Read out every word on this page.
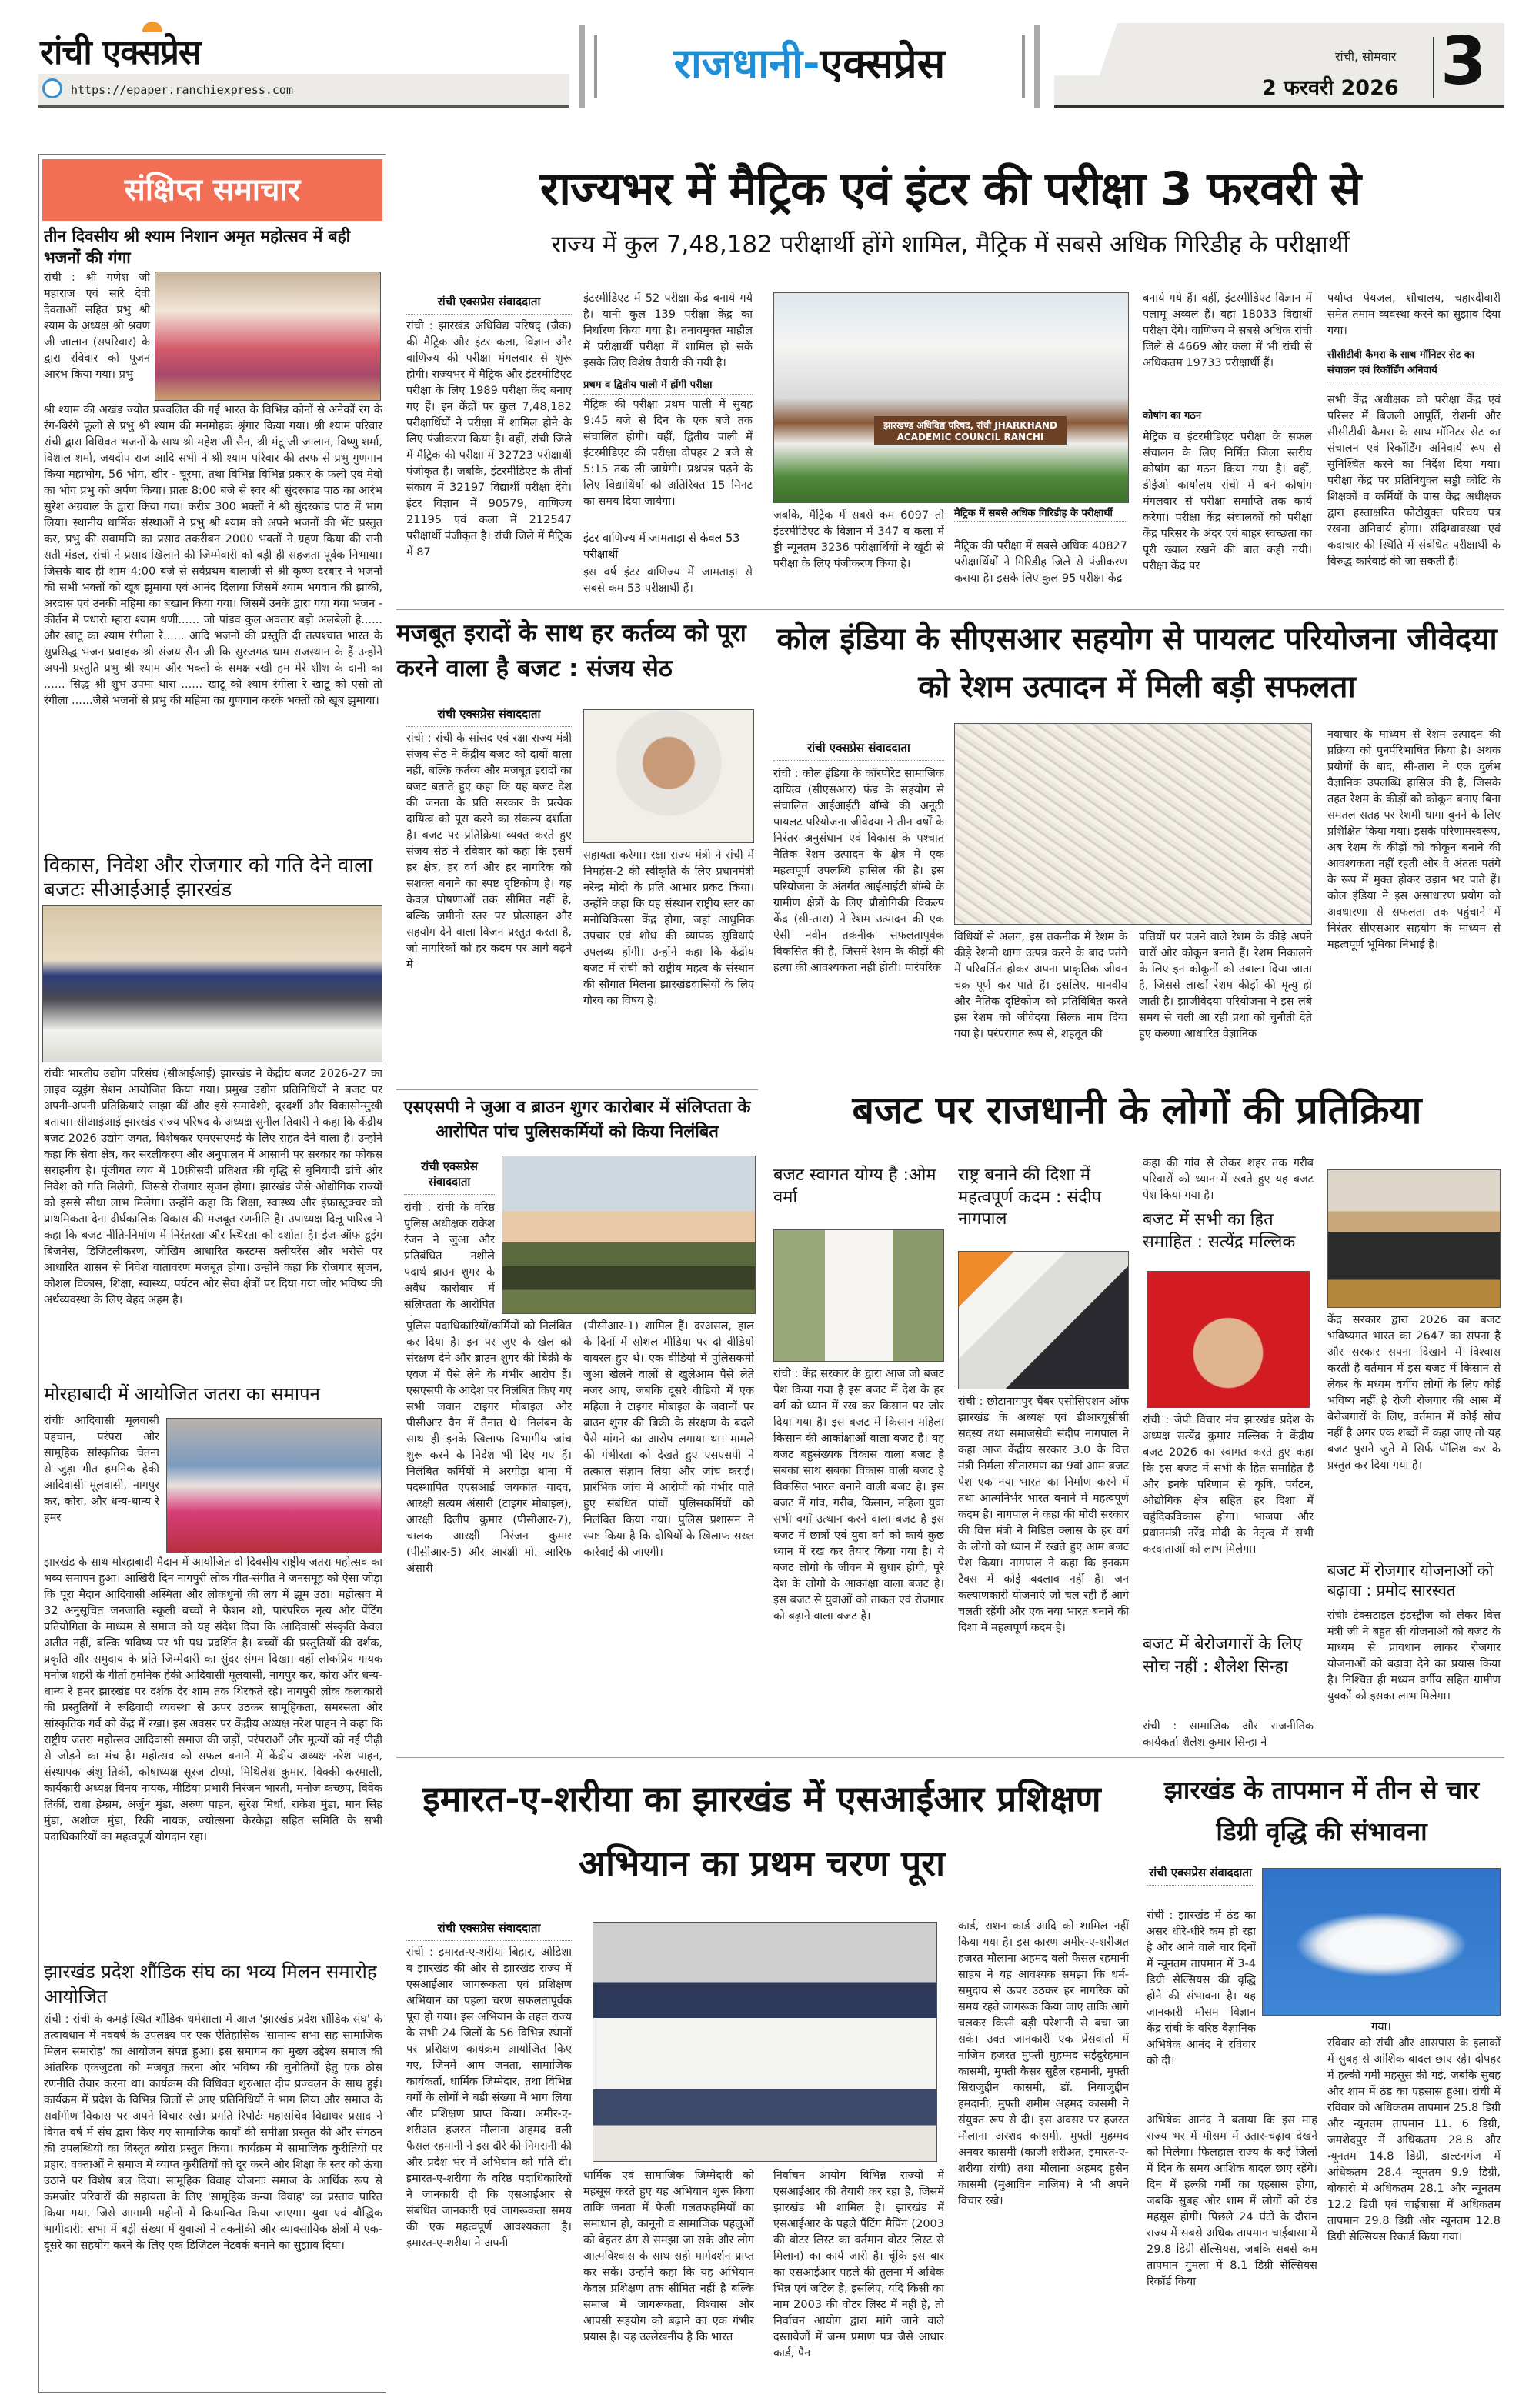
रांची एक्सप्रेस
https://epaper.ranchiexpress.com
राजधानी-एक्सप्रेस	रांची, सोमवार
2 फरवरी 2026 3
संक्षिप्त समाचार
तीन दिवसीय श्री श्याम निशान अमृत महोत्सव में बही भजनों की गंगा
रांची : श्री गणेश जी महाराज एवं सारे देवी देवताओं सहित प्रभु श्री श्याम के अध्यक्ष श्री श्रवण जी जालान (सपरिवार) के द्वारा रविवार को पूजन आरंभ किया गया। प्रभु
श्री श्याम की अखंड ज्योत प्रज्वलित की गई भारत के विभिन्न कोनों से अनेकों रंग के रंग-बिरंगे फूलों से प्रभु श्री श्याम की मनमोहक श्रृंगार किया गया। श्री श्याम परिवार रांची द्वारा विधिवत भजनों के साथ श्री महेश जी सैन, श्री मंटू जी जालान, विष्णु शर्मा, विशाल शर्मा, जयदीप राज आदि सभी ने श्री श्याम परिवार की तरफ से प्रभु गुणगान किया महाभोग, 56 भोग, खीर - चूरमा, तथा विभिन्न विभिन्न प्रकार के फलों एवं मेवों का भोग प्रभु को अर्पण किया। प्रातः 8:00 बजे से स्वर श्री सुंदरकांड पाठ का आरंभ सुरेश अग्रवाल के द्वारा किया गया। करीब 300 भक्तों ने श्री सुंदरकांड पाठ में भाग लिया। स्थानीय धार्मिक संस्थाओं ने प्रभु श्री श्याम को अपने भजनों की भेंट प्रस्तुत कर, प्रभु की सवामणि का प्रसाद तकरीबन 2000 भक्तों ने ग्रहण किया की रानी सती मंडल, रांची ने प्रसाद खिलाने की जिम्मेवारी को बड़ी ही सहजता पूर्वक निभाया। जिसके बाद ही शाम 4:00 बजे से सर्वप्रथम बालाजी से श्री कृष्ण दरबार ने भजनों की सभी भक्तों को खूब झुमाया एवं आनंद दिलाया जिसमें श्याम भगवान की झांकी, अरदास एवं उनकी महिमा का बखान किया गया। जिसमें उनके द्वारा गया गया भजन - कीर्तन में पधारो म्हारा श्याम धणी...... जो पांडव कुल अवतार बड़ो अलबेलो है...... और खाटू का श्याम रंगीला रे...... आदि भजनों की प्रस्तुति दी तत्पश्चात भारत के सुप्रसिद्ध भजन प्रवाहक श्री संजय सैन जी कि सुरजगढ़ धाम राजस्थान के हैं उन्होंने अपनी प्रस्तुति प्रभु श्री श्याम और भक्तों के समक्ष रखी हम मेरे शीश के दानी का ...... सिद्ध श्री शुभ उपमा थारा ...... खाटू को श्याम रंगीला रे खाटू को एसो तो रंगीला ......जैसे भजनों से प्रभु की महिमा का गुणगान करके भक्तों को खूब झुमाया।
विकास, निवेश और रोजगार को गति देने वाला बजटः सीआईआई झारखंड
रांचीः भारतीय उद्योग परिसंघ (सीआईआई) झारखंड ने केंद्रीय बजट 2026-27 का लाइव व्यूइंग सेशन आयोजित किया गया। प्रमुख उद्योग प्रतिनिधियों ने बजट पर अपनी-अपनी प्रतिक्रियाएं साझा कीं और इसे समावेशी, दूरदर्शी और विकासोन्मुखी बताया। सीआईआई झारखंड राज्य परिषद के अध्यक्ष सुनील तिवारी ने कहा कि केंद्रीय बजट 2026 उद्योग जगत, विशेषकर एमएसएमई के लिए राहत देने वाला है। उन्होंने कहा कि सेवा क्षेत्र, कर सरलीकरण और अनुपालन में आसानी पर सरकार का फोकस सराहनीय है। पूंजीगत व्यय में 10फ़ीसदी प्रतिशत की वृद्धि से बुनियादी ढांचे और निवेश को गति मिलेगी, जिससे रोजगार सृजन होगा। झारखंड जैसे औद्योगिक राज्यों को इससे सीधा लाभ मिलेगा। उन्होंने कहा कि शिक्षा, स्वास्थ्य और इंफ्रास्ट्रक्चर को प्राथमिकता देना दीर्घकालिक विकास की मजबूत रणनीति है। उपाध्यक्ष दिलू पारिख ने कहा कि बजट नीति-निर्माण में निरंतरता और स्थिरता को दर्शाता है। ईज ऑफ डूइंग बिजनेस, डिजिटलीकरण, जोखिम आधारित कस्टम्स क्लीयरेंस और भरोसे पर आधारित शासन से निवेश वातावरण मजबूत होगा। उन्होंने कहा कि रोजगार सृजन, कौशल विकास, शिक्षा, स्वास्थ्य, पर्यटन और सेवा क्षेत्रों पर दिया गया जोर भविष्य की अर्थव्यवस्था के लिए बेहद अहम है।
मोरहाबादी में आयोजित जतरा का समापन
रांचीः आदिवासी मूलवासी पहचान, परंपरा और सामूहिक सांस्कृतिक चेतना से जुड़ा गीत हमनिक हेकी आदिवासी मूलवासी, नागपुर कर, कोरा, और धन्य-धान्य रे हमर
झारखंड के साथ मोरहाबादी मैदान में आयोजित दो दिवसीय राष्ट्रीय जतरा महोत्सव का भव्य समापन हुआ। आखिरी दिन नागपुरी लोक गीत-संगीत ने जनसमूह को ऐसा जोड़ा कि पूरा मैदान आदिवासी अस्मिता और लोकधुनों की लय में झूम उठा। महोत्सव में 32 अनुसूचित जनजाति स्कूली बच्चों ने फैशन शो, पारंपरिक नृत्य और पेंटिंग प्रतियोगिता के माध्यम से समाज को यह संदेश दिया कि आदिवासी संस्कृति केवल अतीत नहीं, बल्कि भविष्य पर भी पथ प्रदर्शित है। बच्चों की प्रस्तुतियों की दर्शक, प्रकृति और समुदाय के प्रति जिम्मेदारी का सुंदर संगम दिखा। वहीं लोकप्रिय गायक मनोज शहरी के गीतों हमनिक हेकी आदिवासी मूलवासी, नागपुर कर, कोरा और धन्य-धान्य रे हमर झारखंड पर दर्शक देर शाम तक थिरकते रहे। नागपुरी लोक कलाकारों की प्रस्तुतियों ने रूढ़िवादी व्यवस्था से ऊपर उठकर सामूहिकता, समरसता और सांस्कृतिक गर्व को केंद्र में रखा। इस अवसर पर केंद्रीय अध्यक्ष नरेश पाहन ने कहा कि राष्ट्रीय जतरा महोत्सव आदिवासी समाज की जड़ों, परंपराओं और मूल्यों को नई पीढ़ी से जोड़ने का मंच है। महोत्सव को सफल बनाने में केंद्रीय अध्यक्ष नरेश पाहन, संस्थापक अंशु तिर्की, कोषाध्यक्ष सूरज टोप्पो, मिथिलेश कुमार, विक्की करमाली, कार्यकारी अध्यक्ष विनय नायक, मीडिया प्रभारी निरंजन भारती, मनोज कच्छप, विवेक तिर्की, राधा हेम्ब्रम, अर्जुन मुंडा, अरुण पाहन, सुरेश मिर्धा, राकेश मुंडा, मान सिंह मुंडा, अशोक मुंडा, रिकी नायक, ज्योत्सना केरकेट्टा सहित समिति के सभी पदाधिकारियों का महत्वपूर्ण योगदान रहा।
झारखंड प्रदेश शौंडिक संघ का भव्य मिलन समारोह आयोजित
रांची : रांची के कमड़े स्थित शौंडिक धर्मशाला में आज 'झारखंड प्रदेश शौंडिक संघ' के तत्वावधान में नववर्ष के उपलक्ष्य पर एक ऐतिहासिक 'सामान्य सभा सह सामाजिक मिलन समारोह' का आयोजन संपन्न हुआ। इस समागम का मुख्य उद्देश्य समाज की आंतरिक एकजुटता को मजबूत करना और भविष्य की चुनौतियों हेतु एक ठोस रणनीति तैयार करना था। कार्यक्रम की विधिवत शुरुआत दीप प्रज्वलन के साथ हुई। कार्यक्रम में प्रदेश के विभिन्न जिलों से आए प्रतिनिधियों ने भाग लिया और समाज के सर्वांगीण विकास पर अपने विचार रखे। प्रगति रिपोर्टः महासचिव विद्याधर प्रसाद ने विगत वर्ष में संघ द्वारा किए गए सामाजिक कार्यों की समीक्षा प्रस्तुत की और संगठन की उपलब्धियों का विस्तृत ब्योरा प्रस्तुत किया। कार्यक्रम में सामाजिक कुरीतियों पर प्रहार: वक्ताओं ने समाज में व्याप्त कुरीतियों को दूर करने और शिक्षा के स्तर को ऊंचा उठाने पर विशेष बल दिया। सामूहिक विवाह योजनाः समाज के आर्थिक रूप से कमजोर परिवारों की सहायता के लिए 'सामूहिक कन्या विवाह' का प्रस्ताव पारित किया गया, जिसे आगामी महीनों में क्रियान्वित किया जाएगा। युवा एवं बौद्धिक भागीदारी: सभा में बड़ी संख्या में युवाओं ने तकनीकी और व्यावसायिक क्षेत्रों में एक-दूसरे का सहयोग करने के लिए एक डिजिटल नेटवर्क बनाने का सुझाव दिया।
राज्यभर में मैट्रिक एवं इंटर की परीक्षा 3 फरवरी से
राज्य में कुल 7,48,182 परीक्षार्थी होंगे शामिल, मैट्रिक में सबसे अधिक गिरिडीह के परीक्षार्थी
रांची एक्सप्रेस संवाददाता
रांची : झारखंड अधिविद्य परिषद् (जैक) की मैट्रिक और इंटर कला, विज्ञान और वाणिज्य की परीक्षा मंगलवार से शुरू होगी। राज्यभर में मैट्रिक और इंटरमीडिएट परीक्षा के लिए 1989 परीक्षा केंद बनाए गए हैं। इन केंद्रों पर कुल 7,48,182 परीक्षार्थियों ने परीक्षा में शामिल होने के लिए पंजीकरण किया है। वहीं, रांची जिले में मैट्रिक की परीक्षा में 32723 परीक्षार्थी पंजीकृत है। जबकि, इंटरमीडिएट के तीनों संकाय में 32197 विद्यार्थी परीक्षा देंगे। इंटर विज्ञान में 90579, वाणिज्य 21195 एवं कला में 212547 परीक्षार्थी पंजीकृत है। रांची जिले में मैट्रिक में 87
इंटरमीडिएट में 52 परीक्षा केंद्र बनाये गये है। यानी कुल 139 परीक्षा केंद्र का निर्धारण किया गया है। तनावमुक्त माहौल में परीक्षार्थी परीक्षा में शामिल हो सकें इसके लिए विशेष तैयारी की गयी है।
प्रथम व द्वितीय पाली में होंगी परीक्षा
मैट्रिक की परीक्षा प्रथम पाली में सुबह 9:45 बजे से दिन के एक बजे तक संचालित होगी। वहीं, द्वितीय पाली में इंटरमीडिएट की परीक्षा दोपहर 2 बजे से 5:15 तक ली जायेगी। प्रश्नपत्र पढ़ने के लिए विद्यार्थियों को अतिरिक्त 15 मिनट का समय दिया जायेगा।
इंटर वाणिज्य में जामताड़ा से केवल 53 परीक्षार्थी
इस वर्ष इंटर वाणिज्य में जामताड़ा से सबसे कम 53 परीक्षार्थी हैं।
झारखण्ड अधिविद्य परिषद, रांची JHARKHAND ACADEMIC COUNCIL RANCHI
जबकि, मैट्रिक में सबसे कम 6097 तो इंटरमीडिएट के विज्ञान में 347 व कला में ड्डी न्यूनतम 3236 परीक्षार्थियों ने खूंटी से परीक्षा के लिए पंजीकरण किया है।
मैट्रिक में सबसे अधिक गिरिडीह के परीक्षार्थी
मैट्रिक की परीक्षा में सबसे अधिक 40827 परीक्षार्थियों ने गिरिडीह जिले से पंजीकरण कराया है। इसके लिए कुल 95 परीक्षा केंद्र
बनाये गये हैं। वहीं, इंटरमीडिएट विज्ञान में पलामू अव्वल हैं। वहां 18033 विद्यार्थी परीक्षा देंगे। वाणिज्य में सबसे अधिक रांची जिले से 4669 और कला में भी रांची से अधिकतम 19733 परीक्षार्थी हैं।
कोषांग का गठन
मैट्रिक व इंटरमीडिएट परीक्षा के सफल संचालन के लिए निर्मित जिला स्तरीय कोषांग का गठन किया गया है। वहीं, डीईओ कार्यालय रांची में बने कोषांग मंगलवार से परीक्षा समाप्ति तक कार्य करेगा। परीक्षा केंद्र संचालकों को परीक्षा केंद्र परिसर के अंदर एवं बाहर स्वच्छता का पूरी ख्याल रखने की बात कही गयी। परीक्षा केंद्र पर
पर्याप्त पेयजल, शौचालय, चहारदीवारी समेत तमाम व्यवस्था करने का सुझाव दिया गया।
सीसीटीवी कैमरा के साथ मॉनिटर सेट का संचालन एवं रिकॉर्डिंग अनिवार्य
सभी केंद्र अधीक्षक को परीक्षा केंद्र एवं परिसर में बिजली आपूर्ति, रोशनी और सीसीटीवी कैमरा के साथ मॉनिटर सेट का संचालन एवं रिकॉर्डिंग अनिवार्य रूप से सुनिश्चित करने का निर्देश दिया गया। परीक्षा केंद्र पर प्रतिनियुक्त सड्डी कोटि के शिक्षकों व कर्मियों के पास केंद्र अधीक्षक द्वारा हस्ताक्षरित फोटोयुक्त परिचय पत्र रखना अनिवार्य होगा। संदिग्धावस्था एवं कदाचार की स्थिति में संबंधित परीक्षार्थी के विरुद्ध कार्रवाई की जा सकती है।
मजबूत इरादों के साथ हर कर्तव्य को पूरा करने वाला है बजट : संजय सेठ
रांची एक्सप्रेस संवाददाता
रांची : रांची के सांसद एवं रक्षा राज्य मंत्री संजय सेठ ने केंद्रीय बजट को दावों वाला नहीं, बल्कि कर्तव्य और मजबूत इरादों का बजट बताते हुए कहा कि यह बजट देश की जनता के प्रति सरकार के प्रत्येक दायित्व को पूरा करने का संकल्प दर्शाता है। बजट पर प्रतिक्रिया व्यक्त करते हुए संजय सेठ ने रविवार को कहा कि इसमें हर क्षेत्र, हर वर्ग और हर नागरिक को सशक्त बनाने का स्पष्ट दृष्टिकोण है। यह केवल घोषणाओं तक सीमित नहीं है, बल्कि जमीनी स्तर पर प्रोत्साहन और सहयोग देने वाला विजन प्रस्तुत करता है, जो नागरिकों को हर कदम पर आगे बढ़ने में
सहायता करेगा। रक्षा राज्य मंत्री ने रांची में निमहंस-2 की स्वीकृति के लिए प्रधानमंत्री नरेन्द्र मोदी के प्रति आभार प्रकट किया। उन्होंने कहा कि यह संस्थान राष्ट्रीय स्तर का मनोचिकित्सा केंद्र होगा, जहां आधुनिक उपचार एवं शोध की व्यापक सुविधाएं उपलब्ध होंगी। उन्होंने कहा कि केंद्रीय बजट में रांची को राष्ट्रीय महत्व के संस्थान की सौगात मिलना झारखंडवासियों के लिए गौरव का विषय है।
कोल इंडिया के सीएसआर सहयोग से पायलट परियोजना जीवेदया को रेशम उत्पादन में मिली बड़ी सफलता
रांची एक्सप्रेस संवाददाता
रांची : कोल इंडिया के कॉरपोरेट सामाजिक दायित्व (सीएसआर) फंड के सहयोग से संचालित आईआईटी बॉम्बे की अनूठी पायलट परियोजना जीवेदया ने तीन वर्षों के निरंतर अनुसंधान एवं विकास के पश्चात नैतिक रेशम उत्पादन के क्षेत्र में एक महत्वपूर्ण उपलब्धि हासिल की है। इस परियोजना के अंतर्गत आईआईटी बॉम्बे के ग्रामीण क्षेत्रों के लिए प्रौद्योगिकी विकल्प केंद्र (सी-तारा) ने रेशम उत्पादन की एक ऐसी नवीन तकनीक सफलतापूर्वक विकसित की है, जिसमें रेशम के कीड़ों की हत्या की आवश्यकता नहीं होती। पारंपरिक
विधियों से अलग, इस तकनीक में रेशम के कीड़े रेशमी धागा उत्पन्न करने के बाद पतंगे में परिवर्तित होकर अपना प्राकृतिक जीवन चक्र पूर्ण कर पाते हैं। इसलिए, मानवीय और नैतिक दृष्टिकोण को प्रतिबिंबित करते इस रेशम को जीवेदया सिल्क नाम दिया गया है। परंपरागत रूप से, शहतूत की
पत्तियों पर पलने वाले रेशम के कीड़े अपने चारों ओर कोकून बनाते हैं। रेशम निकालने के लिए इन कोकूनों को उबाला दिया जाता है, जिससे लाखों रेशम कीड़ों की मृत्यु हो जाती है। झाजीवेदया परियोजना ने इस लंबे समय से चली आ रही प्रथा को चुनौती देते हुए करुणा आधारित वैज्ञानिक
नवाचार के माध्यम से रेशम उत्पादन की प्रक्रिया को पुनर्परिभाषित किया है। अथक प्रयोगों के बाद, सी-तारा ने एक दुर्लभ वैज्ञानिक उपलब्धि हासिल की है, जिसके तहत रेशम के कीड़ों को कोकून बनाए बिना समतल सतह पर रेशमी धागा बुनने के लिए प्रशिक्षित किया गया। इसके परिणामस्वरूप, अब रेशम के कीड़ों को कोकून बनाने की आवश्यकता नहीं रहती और वे अंततः पतंगे के रूप में मुक्त होकर उड़ान भर पाते हैं। कोल इंडिया ने इस असाधारण प्रयोग को अवधारणा से सफलता तक पहुंचाने में निरंतर सीएसआर सहयोग के माध्यम से महत्वपूर्ण भूमिका निभाई है।
एसएसपी ने जुआ व ब्राउन शुगर कारोबार में संलिप्तता के आरोपित पांच पुलिसकर्मियों को किया निलंबित
रांची एक्सप्रेस संवाददाता
रांची : रांची के वरिष्ठ पुलिस अधीक्षक राकेश रंजन ने जुआ और प्रतिबंधित नशीले पदार्थ ब्राउन शुगर के अवैध कारोबार में संलिप्तता के आरोपित
पुलिस पदाधिकारियों/कर्मियों को निलंबित कर दिया है। इन पर जुए के खेल को संरक्षण देने और ब्राउन शुगर की बिक्री के एवज में पैसे लेने के गंभीर आरोप हैं। एसएसपी के आदेश पर निलंबित किए गए सभी जवान टाइगर मोबाइल और पीसीआर वैन में तैनात थे। निलंबन के साथ ही इनके खिलाफ विभागीय जांच शुरू करने के निर्देश भी दिए गए हैं। निलंबित कर्मियों में अरगोड़ा थाना में पदस्थापित एएसआई जयकांत यादव, आरक्षी सत्यम अंसारी (टाइगर मोबाइल), आरक्षी दिलीप कुमार (पीसीआर-7), चालक आरक्षी निरंजन कुमार (पीसीआर-5) और आरक्षी मो. आरिफ अंसारी
(पीसीआर-1) शामिल हैं। दरअसल, हाल के दिनों में सोशल मीडिया पर दो वीडियो वायरल हुए थे। एक वीडियो में पुलिसकर्मी जुआ खेलने वालों से खुलेआम पैसे लेते नजर आए, जबकि दूसरे वीडियो में एक महिला ने टाइगर मोबाइल के जवानों पर ब्राउन शुगर की बिक्री के संरक्षण के बदले पैसे मांगने का आरोप लगाया था। मामले की गंभीरता को देखते हुए एसएसपी ने तत्काल संज्ञान लिया और जांच कराई। प्रारंभिक जांच में आरोपों को गंभीर पाते हुए संबंधित पांचों पुलिसकर्मियों को निलंबित किया गया। पुलिस प्रशासन ने स्पष्ट किया है कि दोषियों के खिलाफ सख्त कार्रवाई की जाएगी।
बजट पर राजधानी के लोगों की प्रतिक्रिया
बजट स्वागत योग्य है :ओम वर्मा
रांची : केंद्र सरकार के द्वारा आज जो बजट पेश किया गया है इस बजट में देश के हर वर्ग को ध्यान में रख कर किसान पर जोर दिया गया है। इस बजट में किसान महिला किसान की आकांक्षाओं वाला बजट है। यह बजट बहुसंख्यक विकास वाला बजट है सबका साथ सबका विकास वाली बजट है विकसित भारत बनाने वाली बजट है। इस बजट में गांव, गरीब, किसान, महिला युवा सभी वर्गों उत्थान करने वाला बजट है इस बजट में छात्रों एवं युवा वर्ग को कार्य कुछ ध्यान में रख कर तैयार किया गया है। ये बजट लोगो के जीवन में सुधार होगी, पूरे देश के लोगो के आकांक्षा वाला बजट है। इस बजट से युवाओं को ताकत एवं रोजगार को बढ़ाने वाला बजट है।
राष्ट्र बनाने की दिशा में महत्वपूर्ण कदम : संदीप नागपाल
रांची : छोटानागपुर चैंबर एसोसिएशन ऑफ झारखंड के अध्यक्ष एवं डीआरयूसीसी सदस्य तथा समाजसेवी संदीप नागपाल ने कहा आज केंद्रीय सरकार 3.0 के वित्त मंत्री निर्मला सीतारमण का 9वां आम बजट पेश एक नया भारत का निर्माण करने में तथा आत्मनिर्भर भारत बनाने में महत्वपूर्ण कदम है। नागपाल ने कहा की मोदी सरकार की वित्त मंत्री ने मिडिल क्लास के हर वर्ग के लोगों को ध्यान में रखते हुए आम बजट पेश किया। नागपाल ने कहा कि इनकम टैक्स में कोई बदलाव नहीं है। जन कल्याणकारी योजनाएं जो चल रही हैं आगे चलती रहेंगी और एक नया भारत बनाने की दिशा में महत्वपूर्ण कदम है।
कहा की गांव से लेकर शहर तक गरीब परिवारों को ध्यान में रखते हुए यह बजट पेश किया गया है।
बजट में सभी का हित समाहित : सत्येंद्र मल्लिक
रांची : जेपी विचार मंच झारखंड प्रदेश के अध्यक्ष सत्येंद्र कुमार मल्लिक ने केंद्रीय बजट 2026 का स्वागत करते हुए कहा कि इस बजट में सभी के हित समाहित है और इनके परिणाम से कृषि, पर्यटन, औद्योगिक क्षेत्र सहित हर दिशा में चहुंदिकविकास होगा। भाजपा और प्रधानमंत्री नरेंद्र मोदी के नेतृत्व में सभी करदाताओं को लाभ मिलेगा।
बजट में बेरोजगारों के लिए सोच नहीं : शैलेश सिन्हा
रांची : सामाजिक और राजनीतिक कार्यकर्ता शैलेश कुमार सिन्हा ने
केंद्र सरकार द्वारा 2026 का बजट भविष्यगत भारत का 2647 का सपना है और सरकार सपना दिखाने में विश्वास करती है वर्तमान में इस बजट में किसान से लेकर के मध्यम वर्गीय लोगों के लिए कोई भविष्य नहीं है रोजी रोजगार की आस में बेरोजगारों के लिए, वर्तमान में कोई सोच नहीं है अगर एक शब्दों में कहा जाए तो यह बजट पुराने जुते में सिर्फ पॉलिश कर के प्रस्तुत कर दिया गया है।
बजट में रोजगार योजनाओं को बढ़ावा : प्रमोद सारस्वत
रांचीः टेक्सटाइल इंडस्ट्रीज को लेकर वित्त मंत्री जी ने बहुत सी योजनाओं को बजट के माध्यम से प्रावधान लाकर रोजगार योजनाओं को बढ़ावा देने का प्रयास किया है। निश्चित ही मध्यम वर्गीय सहित ग्रामीण युवकों को इसका लाभ मिलेगा।
इमारत-ए-शरीया का झारखंड में एसआईआर प्रशिक्षण अभियान का प्रथम चरण पूरा
रांची एक्सप्रेस संवाददाता
रांची : इमारत-ए-शरीया बिहार, ओडिशा व झारखंड की ओर से झारखंड राज्य में एसआईआर जागरूकता एवं प्रशिक्षण अभियान का पहला चरण सफलतापूर्वक पूरा हो गया। इस अभियान के तहत राज्य के सभी 24 जिलों के 56 विभिन्न स्थानों पर प्रशिक्षण कार्यक्रम आयोजित किए गए, जिनमें आम जनता, सामाजिक कार्यकर्ता, धार्मिक जिम्मेदार, तथा विभिन्न वर्गों के लोगों ने बड़ी संख्या में भाग लिया और प्रशिक्षण प्राप्त किया। अमीर-ए-शरीअत हजरत मौलाना अहमद वली फैसल रहमानी ने इस दौरे की निगरानी की और प्रदेश भर में अभियान को गति दी। इमारत-ए-शरीया के वरिष्ठ पदाधिकारियों ने जानकारी दी कि एसआईआर से संबंधित जानकारी एवं जागरूकता समय की एक महत्वपूर्ण आवश्यकता है। इमारत-ए-शरीया ने अपनी
धार्मिक एवं सामाजिक जिम्मेदारी को महसूस करते हुए यह अभियान शुरू किया ताकि जनता में फैली गलतफहमियों का समाधान हो, कानूनी व सामाजिक पहलुओं को बेहतर ढंग से समझा जा सके और लोग आत्मविश्वास के साथ सही मार्गदर्शन प्राप्त कर सकें। उन्होंने कहा कि यह अभियान केवल प्रशिक्षण तक सीमित नहीं है बल्कि समाज में जागरूकता, विश्वास और आपसी सहयोग को बढ़ाने का एक गंभीर प्रयास है। यह उल्लेखनीय है कि भारत
निर्वाचन आयोग विभिन्न राज्यों में एसआईआर की तैयारी कर रहा है, जिसमें झारखंड भी शामिल है। झारखंड में एसआईआर के पहले पैंटिंग मैपिंग (2003 की वोटर लिस्ट का वर्तमान वोटर लिस्ट से मिलान) का कार्य जारी है। चूंकि इस बार का एसआईआर पहले की तुलना में अधिक भिन्न एवं जटिल है, इसलिए, यदि किसी का नाम 2003 की वोटर लिस्ट में नहीं है, तो निर्वाचन आयोग द्वारा मांगे जाने वाले दस्तावेजों में जन्म प्रमाण पत्र जैसे आधार कार्ड, पैन
कार्ड, राशन कार्ड आदि को शामिल नहीं किया गया है। इस कारण अमीर-ए-शरीअत हजरत मौलाना अहमद वली फैसल रहमानी साहब ने यह आवश्यक समझा कि धर्म-समुदाय से ऊपर उठकर हर नागरिक को समय रहते जागरूक किया जाए ताकि आगे चलकर किसी बड़ी परेशानी से बचा जा सके। उक्त जानकारी एक प्रेसवार्ता में नाजिम हजरत मुफ्ती मुहम्मद सईदुर्रहमान कासमी, मुफ्ती कैसर सुहैल रहमानी, मुफ्ती सिराजुद्दीन कासमी, डॉ. नियाजुद्दीन हमदानी, मुफ्ती शमीम अहमद कासमी ने संयुक्त रूप से दी। इस अवसर पर हजरत मौलाना अरशद कासमी, मुफ्ती मुहम्मद अनवर कासमी (काजी शरीअत, इमारत-ए-शरीया रांची) तथा मौलाना अहमद हुसैन कासमी (मुआविन नाजिम) ने भी अपने विचार रखे।
झारखंड के तापमान में तीन से चार डिग्री वृद्धि की संभावना
रांची एक्सप्रेस संवाददाता
रांची : झारखंड में ठंड का असर धीरे-धीरे कम हो रहा है और आने वाले चार दिनों में न्यूनतम तापमान में 3-4 डिग्री सेल्सियस की वृद्धि होने की संभावना है। यह जानकारी मौसम विज्ञान केंद्र रांची के वरिष्ठ वैज्ञानिक अभिषेक आनंद ने रविवार को दी।
गया।
अभिषेक आनंद ने बताया कि इस माह राज्य भर में मौसम में उतार-चढ़ाव देखने को मिलेगा। फिलहाल राज्य के कई जिलों में दिन के समय आंशिक बादल छाए रहेंगे। दिन में हल्की गर्मी का एहसास होगा, जबकि सुबह और शाम में लोगों को ठंड महसूस होगी। पिछले 24 घंटों के दौरान राज्य में सबसे अधिक तापमान चाईबासा में 29.8 डिग्री सेल्सियस, जबकि सबसे कम तापमान गुमला में 8.1 डिग्री सेल्सियस रिकॉर्ड किया
रविवार को रांची और आसपास के इलाकों में सुबह से आंशिक बादल छाए रहे। दोपहर में हल्की गर्मी महसूस की गई, जबकि सुबह और शाम में ठंड का एहसास हुआ। रांची में रविवार को अधिकतम तापमान 25.8 डिग्री और न्यूनतम तापमान 11. 6 डिग्री, जमशेदपुर में अधिकतम 28.8 और न्यूनतम 14.8 डिग्री, डाल्टनगंज में अधिकतम 28.4 न्यूनतम 9.9 डिग्री, बोकारो में अधिकतम 28.1 और न्यूनतम 12.2 डिग्री एवं चाईबासा में अधिकतम तापमान 29.8 डिग्री और न्यूनतम 12.8 डिग्री सेल्सियस रिकार्ड किया गया।
